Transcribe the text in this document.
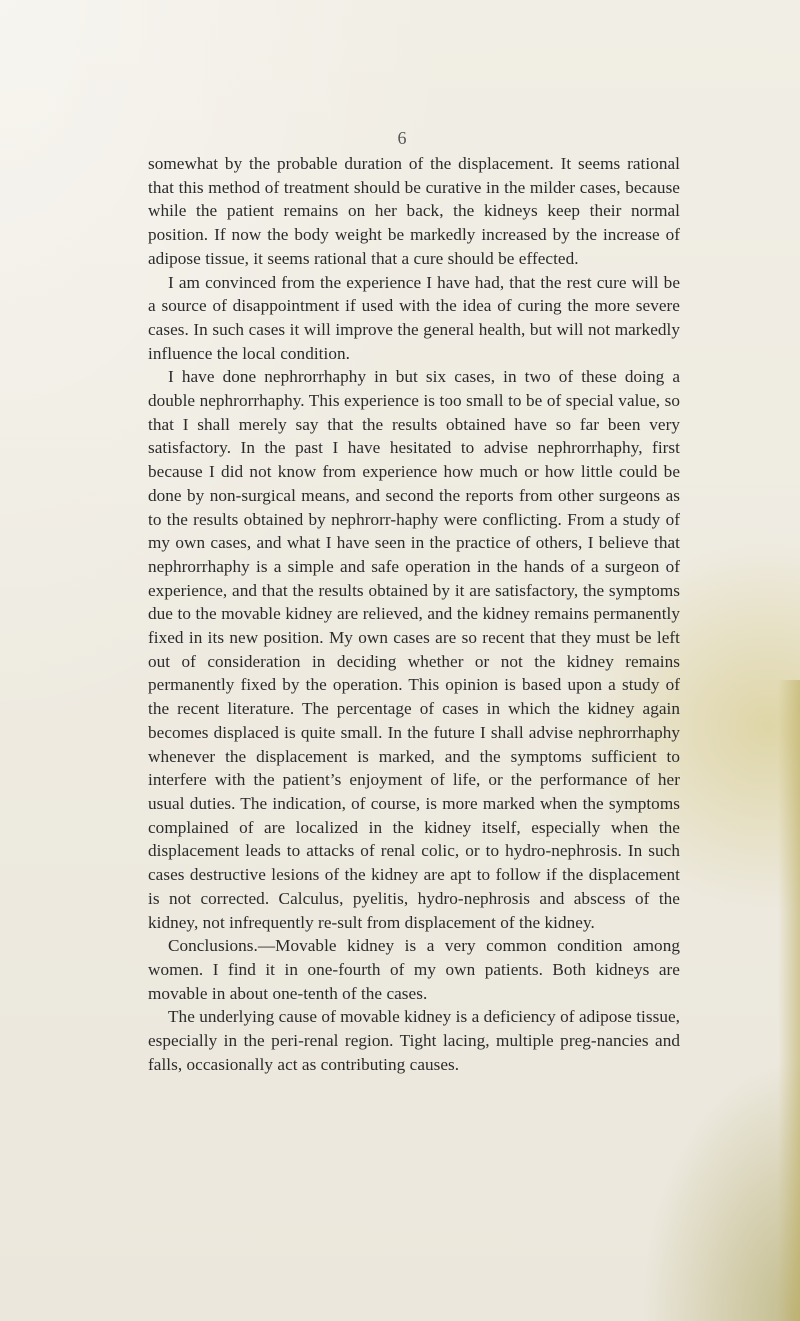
6

somewhat by the probable duration of the displacement. It seems rational that this method of treatment should be curative in the milder cases, because while the patient remains on her back, the kidneys keep their normal position. If now the body weight be markedly increased by the increase of adipose tissue, it seems rational that a cure should be effected.

I am convinced from the experience I have had, that the rest cure will be a source of disappointment if used with the idea of curing the more severe cases. In such cases it will improve the general health, but will not markedly influence the local condition.

I have done nephrorrhaphy in but six cases, in two of these doing a double nephrorrhaphy. This experience is too small to be of special value, so that I shall merely say that the results obtained have so far been very satisfactory. In the past I have hesitated to advise nephrorrhaphy, first because I did not know from experience how much or how little could be done by non-surgical means, and second the reports from other surgeons as to the results obtained by nephrorr-haphy were conflicting. From a study of my own cases, and what I have seen in the practice of others, I believe that nephrorrhaphy is a simple and safe operation in the hands of a surgeon of experience, and that the results obtained by it are satisfactory, the symptoms due to the movable kidney are relieved, and the kidney remains permanently fixed in its new position. My own cases are so recent that they must be left out of consideration in deciding whether or not the kidney remains permanently fixed by the operation. This opinion is based upon a study of the recent literature. The percentage of cases in which the kidney again becomes displaced is quite small. In the future I shall advise nephrorrhaphy whenever the displacement is marked, and the symptoms sufficient to interfere with the patient’s enjoyment of life, or the performance of her usual duties. The indication, of course, is more marked when the symptoms complained of are localized in the kidney itself, especially when the displacement leads to attacks of renal colic, or to hydro-nephrosis. In such cases destructive lesions of the kidney are apt to follow if the displacement is not corrected. Calculus, pyelitis, hydro-nephrosis and abscess of the kidney, not infrequently re-sult from displacement of the kidney.

Conclusions.—Movable kidney is a very common condition among women. I find it in one-fourth of my own patients. Both kidneys are movable in about one-tenth of the cases.

The underlying cause of movable kidney is a deficiency of adipose tissue, especially in the peri-renal region. Tight lacing, multiple preg-nancies and falls, occasionally act as contributing causes.
